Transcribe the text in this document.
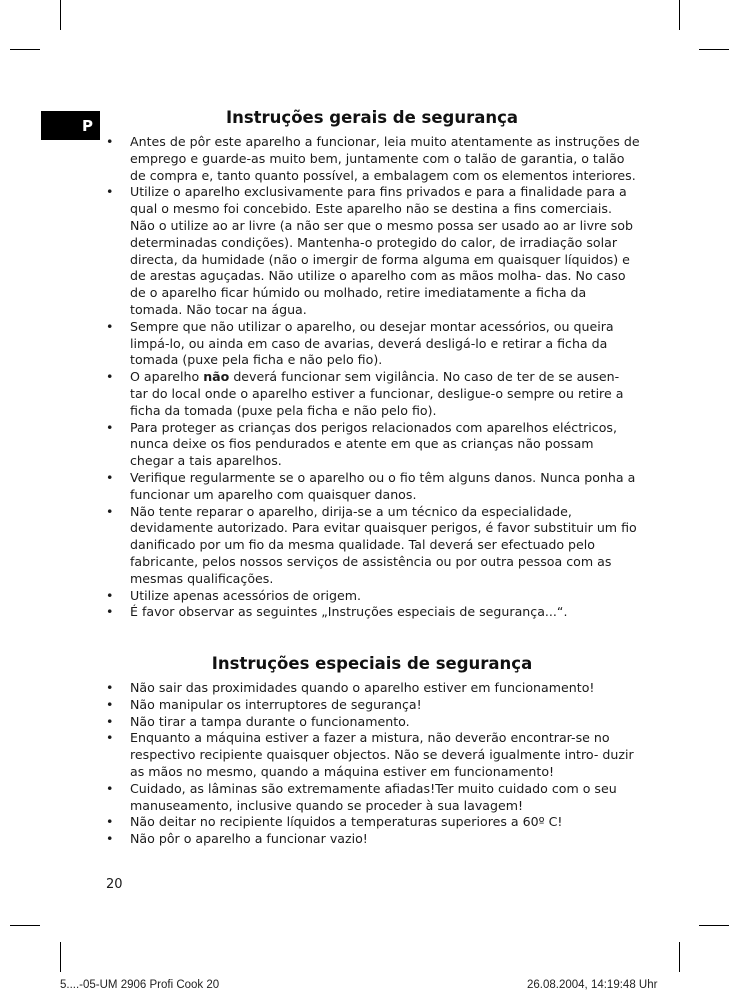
P	Instruções gerais de segurança
• Antes de pôr este aparelho a funcionar, leia muito atentamente as instruções de emprego e guarde-as muito bem, juntamente com o talão de garantia, o talão de compra e, tanto quanto possível, a embalagem com os elementos interiores.
• Utilize o aparelho exclusivamente para fins privados e para a finalidade para a qual o mesmo foi concebido. Este aparelho não se destina a fins comerciais. Não o utilize ao ar livre (a não ser que o mesmo possa ser usado ao ar livre sob determinadas condições). Mantenha-o protegido do calor, de irradiação solar directa, da humidade (não o imergir de forma alguma em quaisquer líquidos) e de arestas aguçadas. Não utilize o aparelho com as mãos molha- das. No caso de o aparelho ficar húmido ou molhado, retire imediatamente a ficha da tomada. Não tocar na água.
• Sempre que não utilizar o aparelho, ou desejar montar acessórios, ou queira limpá-lo, ou ainda em caso de avarias, deverá desligá-lo e retirar a ficha da tomada (puxe pela ficha e não pelo fio).
• O aparelho não deverá funcionar sem vigilância. No caso de ter de se ausen- tar do local onde o aparelho estiver a funcionar, desligue-o sempre ou retire a ficha da tomada (puxe pela ficha e não pelo fio).
• Para proteger as crianças dos perigos relacionados com aparelhos eléctricos, nunca deixe os fios pendurados e atente em que as crianças não possam chegar a tais aparelhos.
• Verifique regularmente se o aparelho ou o fio têm alguns danos. Nunca ponha a funcionar um aparelho com quaisquer danos.
• Não tente reparar o aparelho, dirija-se a um técnico da especialidade, devidamente autorizado. Para evitar quaisquer perigos, é favor substituir um fio danificado por um fio da mesma qualidade. Tal deverá ser efectuado pelo fabricante, pelos nossos serviços de assistência ou por outra pessoa com as mesmas qualificações.
• Utilize apenas acessórios de origem.
• É favor observar as seguintes „Instruções especiais de segurança...“.
Instruções especiais de segurança
• Não sair das proximidades quando o aparelho estiver em funcionamento!
• Não manipular os interruptores de segurança!
• Não tirar a tampa durante o funcionamento.
• Enquanto a máquina estiver a fazer a mistura, não deverão encontrar-se no respectivo recipiente quaisquer objectos. Não se deverá igualmente intro- duzir as mãos no mesmo, quando a máquina estiver em funcionamento!
• Cuidado, as lâminas são extremamente afiadas!Ter muito cuidado com o seu manuseamento, inclusive quando se proceder à sua lavagem!
• Não deitar no recipiente líquidos a temperaturas superiores a 60º C!
• Não pôr o aparelho a funcionar vazio!
20
5....-05-UM 2906 Profi Cook 20	26.08.2004, 14:19:48 Uhr
